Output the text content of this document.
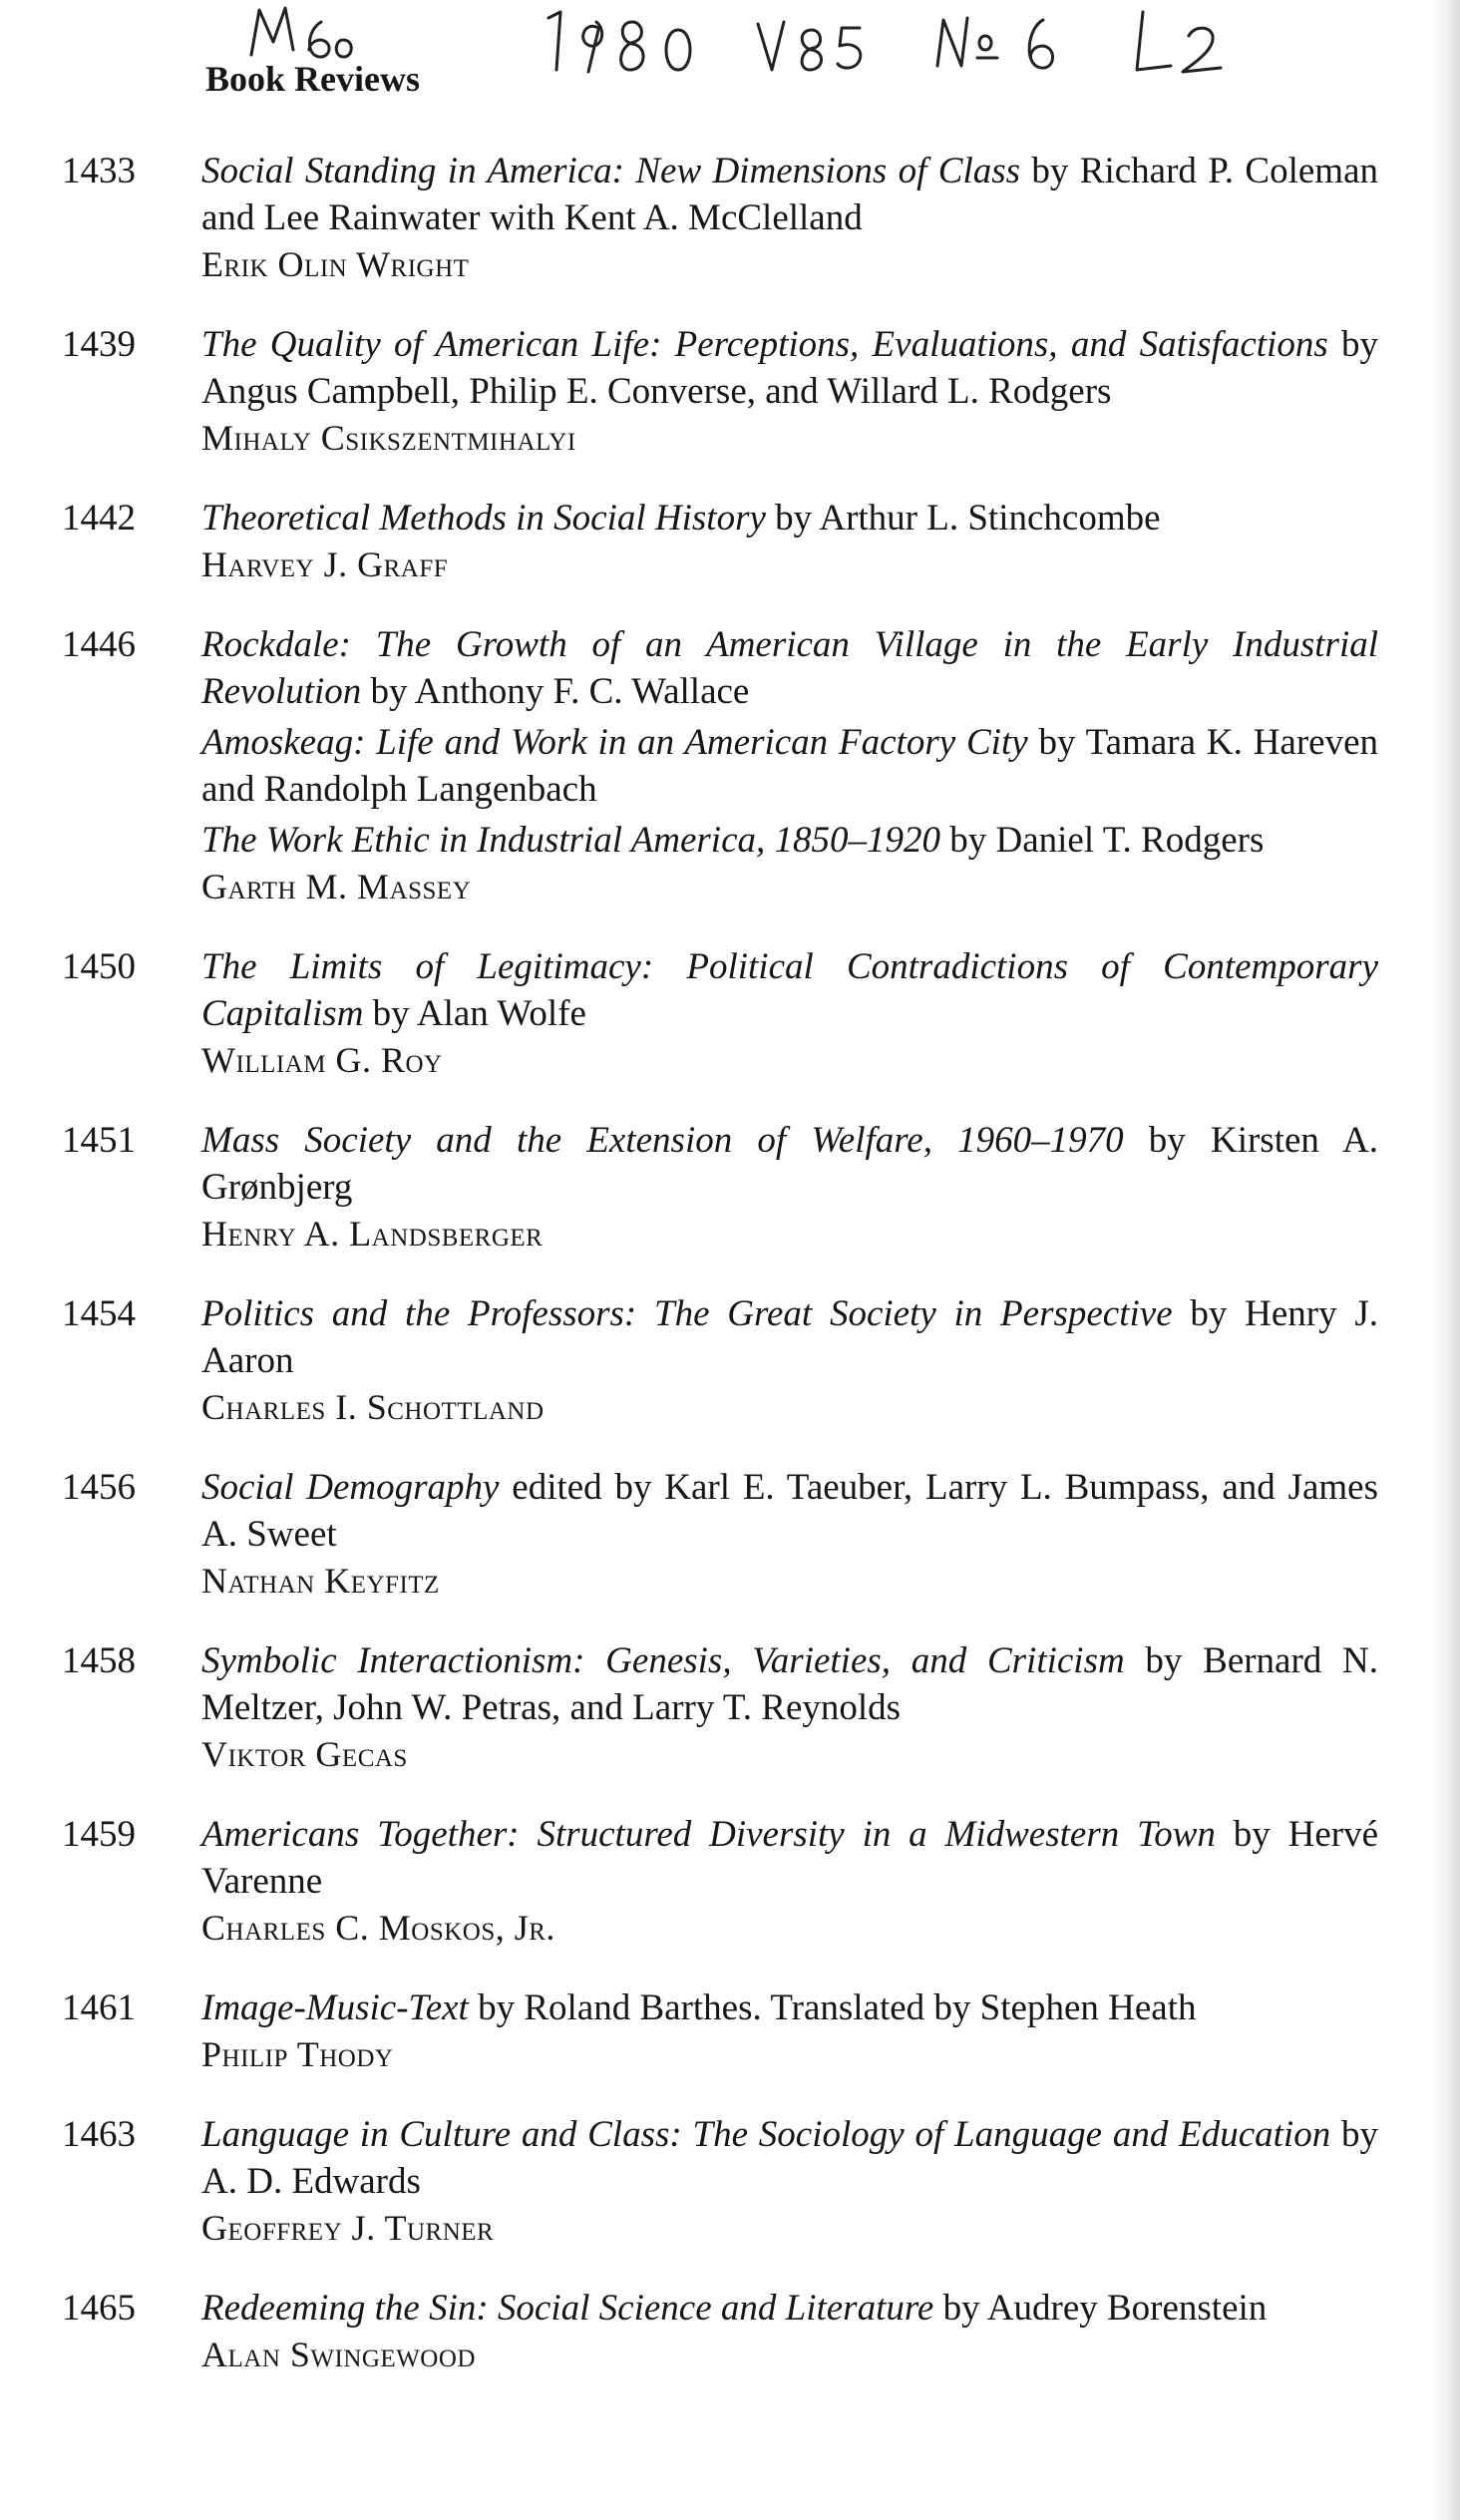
Book Reviews
1433	Social Standing in America: New Dimensions of Class by Richard P. Coleman and Lee Rainwater with Kent A. McClelland

Erik Olin Wright
1439	The Quality of American Life: Perceptions, Evaluations, and Satisfactions by Angus Campbell, Philip E. Converse, and Willard L. Rodgers

Mihaly Csikszentmihalyi
1442	Theoretical Methods in Social History by Arthur L. Stinchcombe

Harvey J. Graff
1446	Rockdale: The Growth of an American Village in the Early Industrial Revolution by Anthony F. C. Wallace

Amoskeag: Life and Work in an American Factory City by Tamara K. Hareven and Randolph Langenbach

The Work Ethic in Industrial America, 1850–1920 by Daniel T. Rodgers

Garth M. Massey
1450	The Limits of Legitimacy: Political Contradictions of Contemporary Capitalism by Alan Wolfe

William G. Roy
1451	Mass Society and the Extension of Welfare, 1960–1970 by Kirsten A. Grønbjerg

Henry A. Landsberger
1454	Politics and the Professors: The Great Society in Perspective by Henry J. Aaron

Charles I. Schottland
1456	Social Demography edited by Karl E. Taeuber, Larry L. Bumpass, and James A. Sweet

Nathan Keyfitz
1458	Symbolic Interactionism: Genesis, Varieties, and Criticism by Bernard N. Meltzer, John W. Petras, and Larry T. Reynolds

Viktor Gecas
1459	Americans Together: Structured Diversity in a Midwestern Town by Hervé Varenne

Charles C. Moskos, Jr.
1461	Image-Music-Text by Roland Barthes. Translated by Stephen Heath

Philip Thody
1463	Language in Culture and Class: The Sociology of Language and Education by A. D. Edwards

Geoffrey J. Turner
1465	Redeeming the Sin: Social Science and Literature by Audrey Borenstein

Alan Swingewood
